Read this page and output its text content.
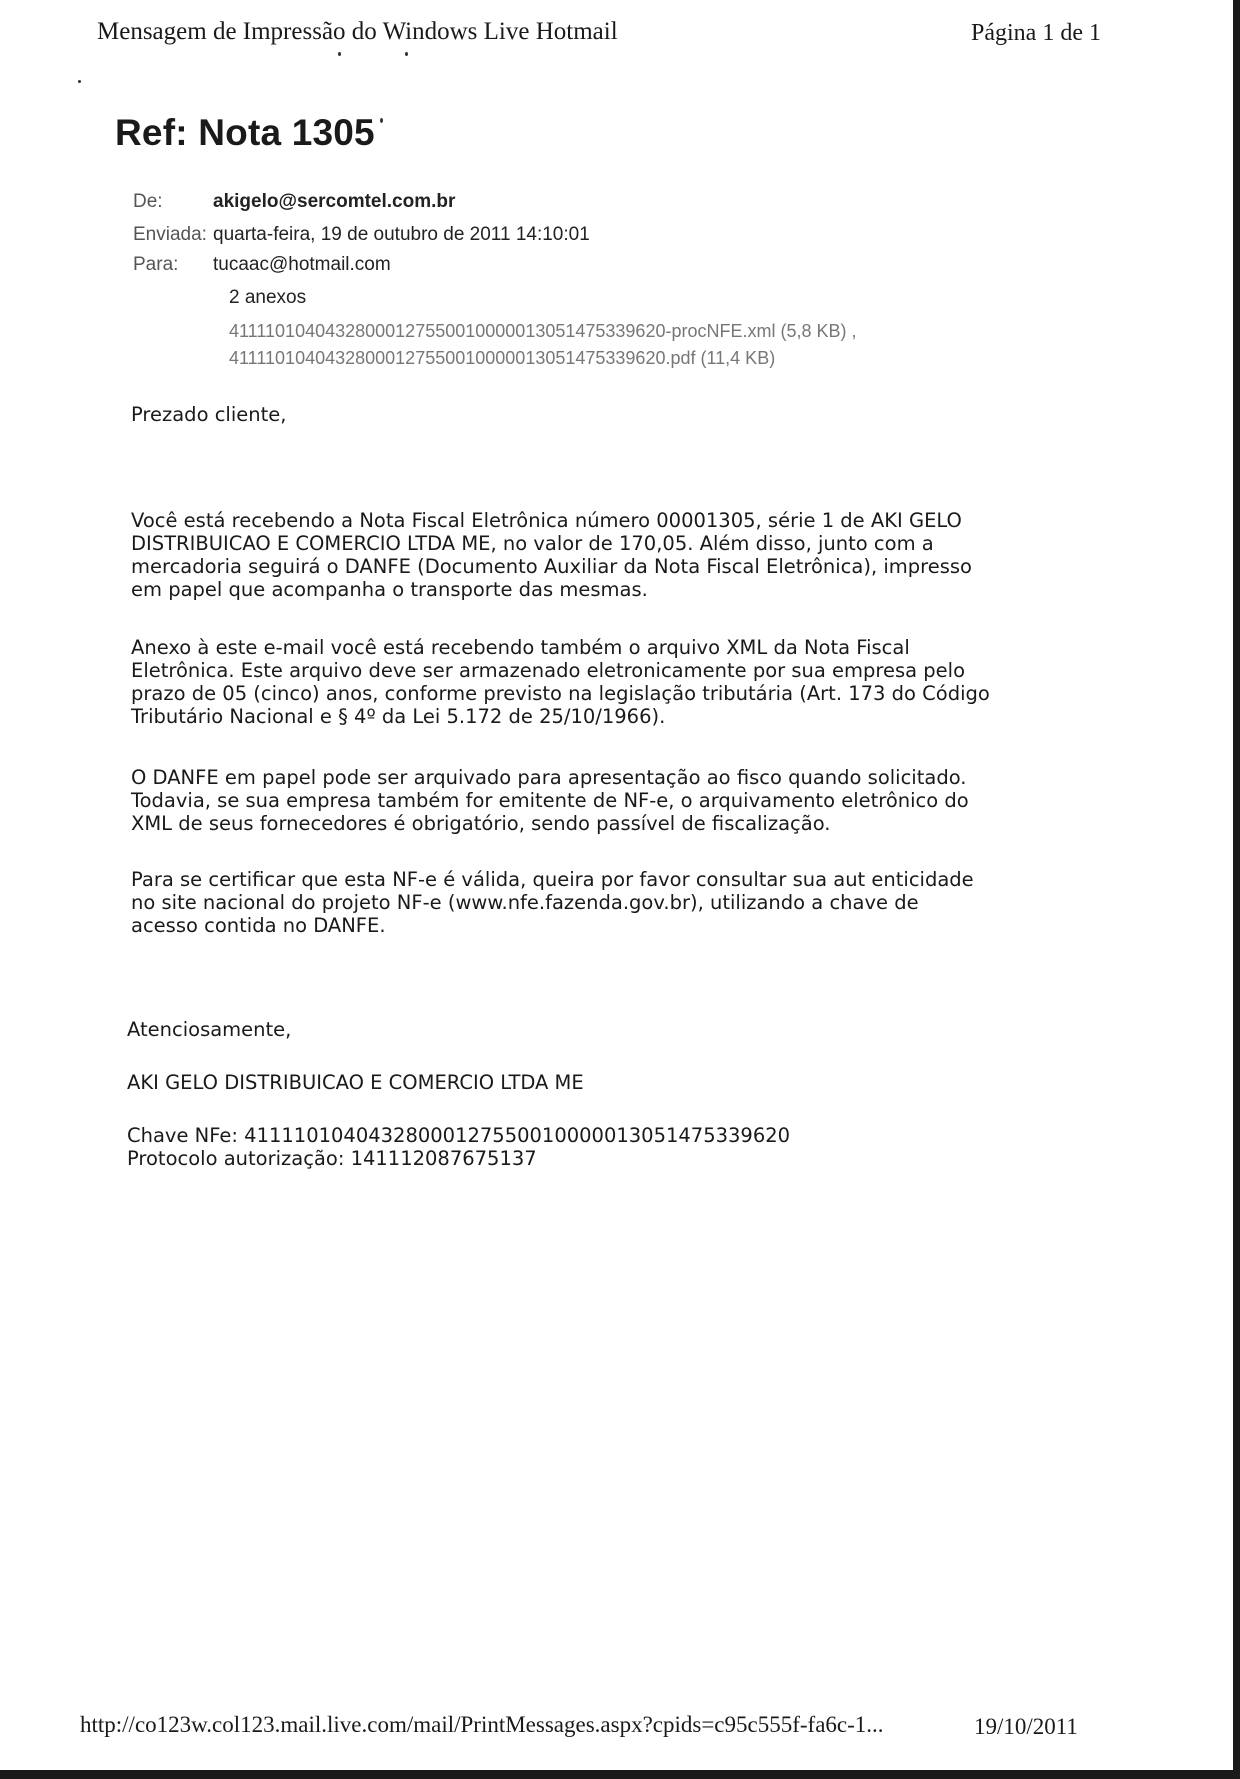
Mensagem de Impressão do Windows Live Hotmail	Página 1 de 1
Ref: Nota 1305
De:	akigelo@sercomtel.com.br
Enviada: quarta-feira, 19 de outubro de 2011 14:10:01
Para: tucaac@hotmail.com
2 anexos
41111010404328000127550010000013051475339620-procNFE.xml (5,8 KB) ,
41111010404328000127550010000013051475339620.pdf (11,4 KB)

Prezado cliente,

Você está recebendo a Nota Fiscal Eletrônica número 00001305, série 1 de AKI GELO
DISTRIBUICAO E COMERCIO LTDA ME, no valor de 170,05. Além disso, junto com a
mercadoria seguirá o DANFE (Documento Auxiliar da Nota Fiscal Eletrônica), impresso
em papel que acompanha o transporte das mesmas.

Anexo à este e-mail você está recebendo também o arquivo XML da Nota Fiscal
Eletrônica. Este arquivo deve ser armazenado eletronicamente por sua empresa pelo
prazo de 05 (cinco) anos, conforme previsto na legislação tributária (Art. 173 do Código
Tributário Nacional e § 4º da Lei 5.172 de 25/10/1966).

O DANFE em papel pode ser arquivado para apresentação ao fisco quando solicitado.
Todavia, se sua empresa também for emitente de NF-e, o arquivamento eletrônico do
XML de seus fornecedores é obrigatório, sendo passível de fiscalização.

Para se certificar que esta NF-e é válida, queira por favor consultar sua aut enticidade
no site nacional do projeto NF-e (www.nfe.fazenda.gov.br), utilizando a chave de
acesso contida no DANFE.

Atenciosamente,

AKI GELO DISTRIBUICAO E COMERCIO LTDA ME

Chave NFe: 41111010404328000127550010000013051475339620
Protocolo autorização: 141112087675137

http://co123w.col123.mail.live.com/mail/PrintMessages.aspx?cpids=c95c555f-fa6c-1...	19/10/2011
